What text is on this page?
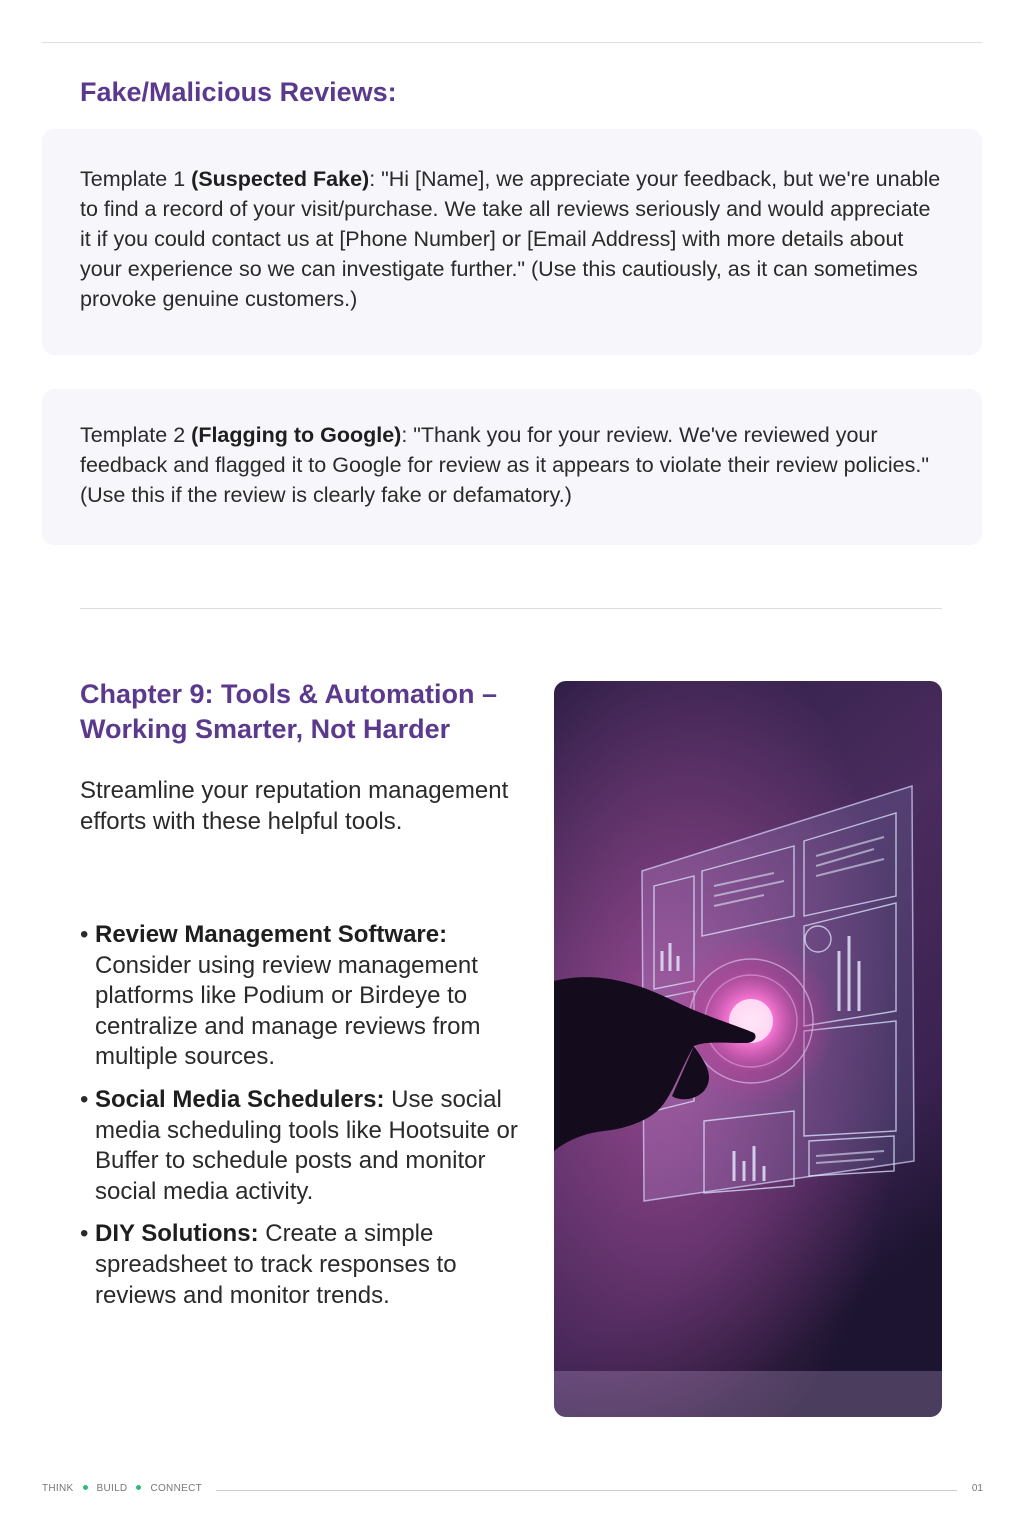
Fake/Malicious Reviews:
Template 1 (Suspected Fake): "Hi [Name], we appreciate your feedback, but we're unable to find a record of your visit/purchase. We take all reviews seriously and would appreciate it if you could contact us at [Phone Number] or [Email Address] with more details about your experience so we can investigate further." (Use this cautiously, as it can sometimes provoke genuine customers.)
Template 2 (Flagging to Google): "Thank you for your review. We've reviewed your feedback and flagged it to Google for review as it appears to violate their review policies." (Use this if the review is clearly fake or defamatory.)
Chapter 9: Tools & Automation – Working Smarter, Not Harder

Streamline your reputation management efforts with these helpful tools.

• Review Management Software: Consider using review management platforms like Podium or Birdeye to centralize and manage reviews from multiple sources.
• Social Media Schedulers: Use social media scheduling tools like Hootsuite or Buffer to schedule posts and monitor social media activity.
• DIY Solutions: Create a simple spreadsheet to track responses to reviews and monitor trends.
THINK BUILD CONNECT	01
